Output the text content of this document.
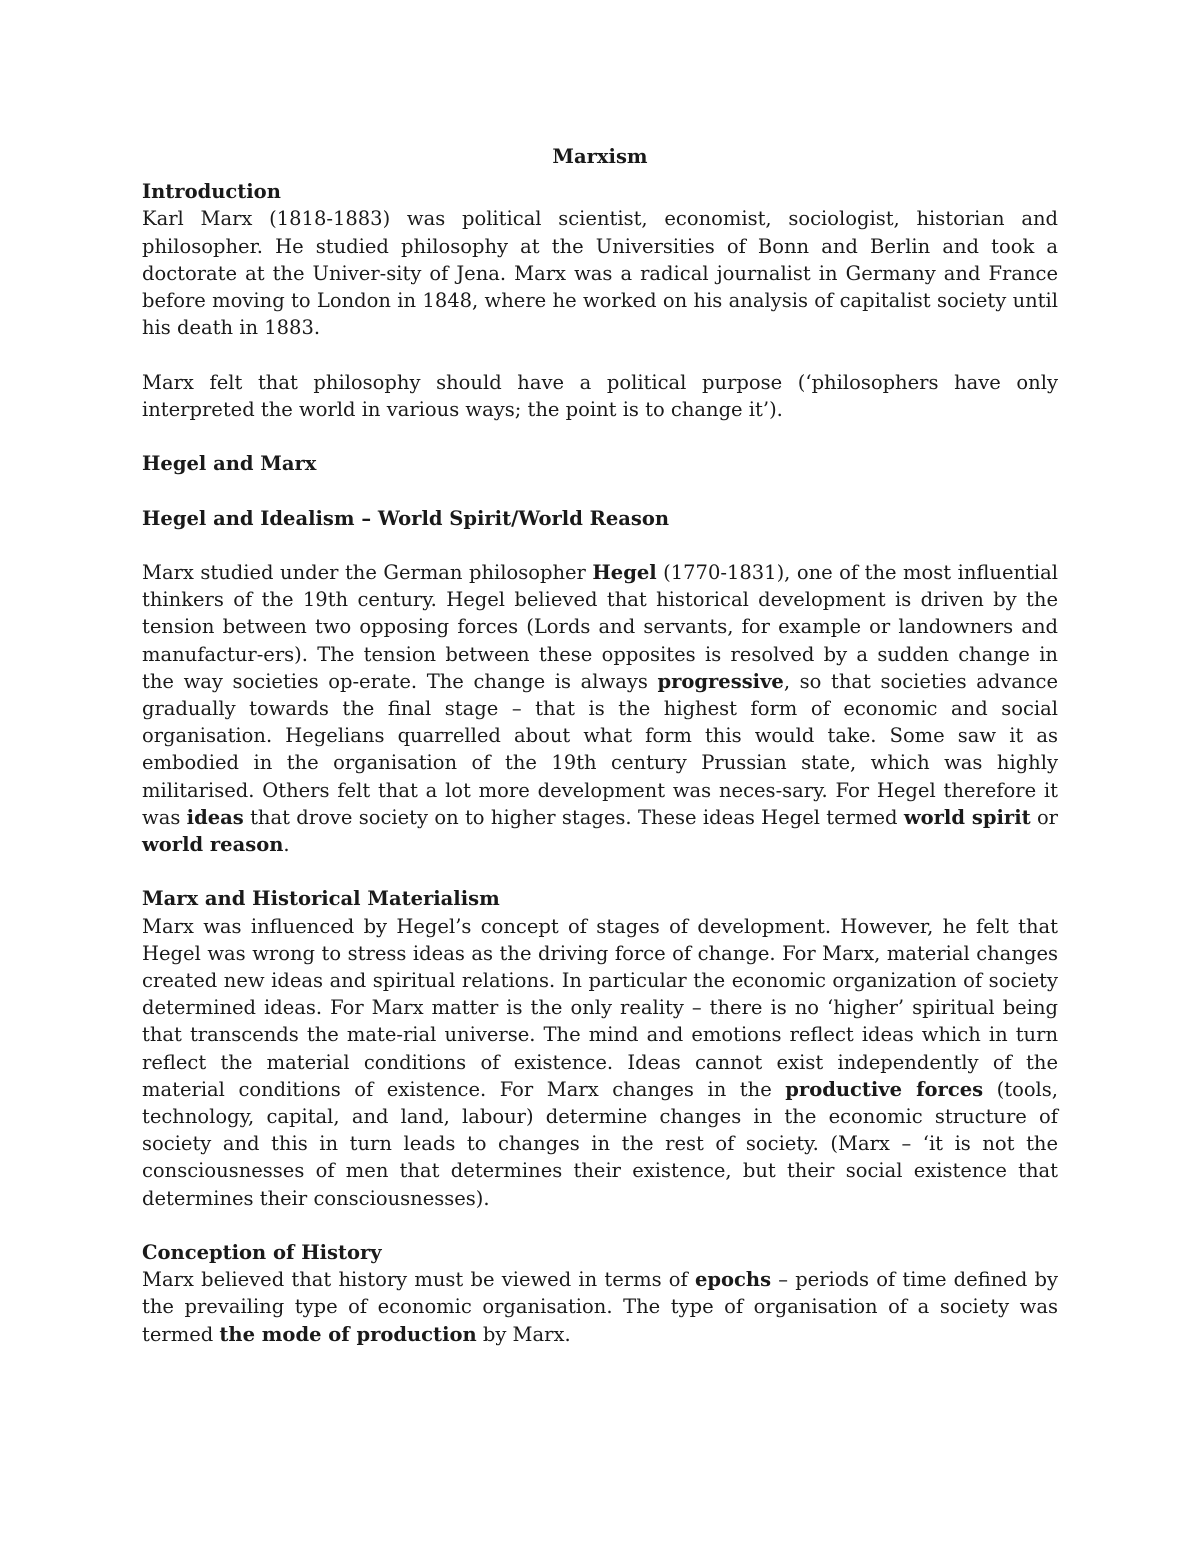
Marxism
Introduction

Karl Marx (1818-1883) was political scientist, economist, sociologist, historian and philosopher. He studied philosophy at the Universities of Bonn and Berlin and took a doctorate at the Univer-sity of Jena. Marx was a radical journalist in Germany and France before moving to London in 1848, where he worked on his analysis of capitalist society until his death in 1883.

Marx felt that philosophy should have a political purpose (‘philosophers have only interpreted the world in various ways; the point is to change it’).

Hegel and Marx
Hegel and Idealism – World Spirit/World Reason

Marx studied under the German philosopher Hegel (1770-1831), one of the most influential thinkers of the 19th century. Hegel believed that historical development is driven by the tension between two opposing forces (Lords and servants, for example or landowners and manufactur-ers). The tension between these opposites is resolved by a sudden change in the way societies op-erate. The change is always progressive, so that societies advance gradually towards the final stage – that is the highest form of economic and social organisation. Hegelians quarrelled about what form this would take. Some saw it as embodied in the organisation of the 19th century Prussian state, which was highly militarised. Others felt that a lot more development was neces-sary. For Hegel therefore it was ideas that drove society on to higher stages. These ideas Hegel termed world spirit or world reason.

Marx and Historical Materialism

Marx was influenced by Hegel’s concept of stages of development. However, he felt that Hegel was wrong to stress ideas as the driving force of change. For Marx, material changes created new ideas and spiritual relations. In particular the economic organization of society determined ideas. For Marx matter is the only reality – there is no ‘higher’ spiritual being that transcends the mate-rial universe. The mind and emotions reflect ideas which in turn reflect the material conditions of existence. Ideas cannot exist independently of the material conditions of existence. For Marx changes in the productive forces (tools, technology, capital, and land, labour) determine changes in the economic structure of society and this in turn leads to changes in the rest of society. (Marx – ‘it is not the consciousnesses of men that determines their existence, but their social existence that determines their consciousnesses).

Conception of History

Marx believed that history must be viewed in terms of epochs – periods of time defined by the prevailing type of economic organisation. The type of organisation of a society was termed the mode of production by Marx.
